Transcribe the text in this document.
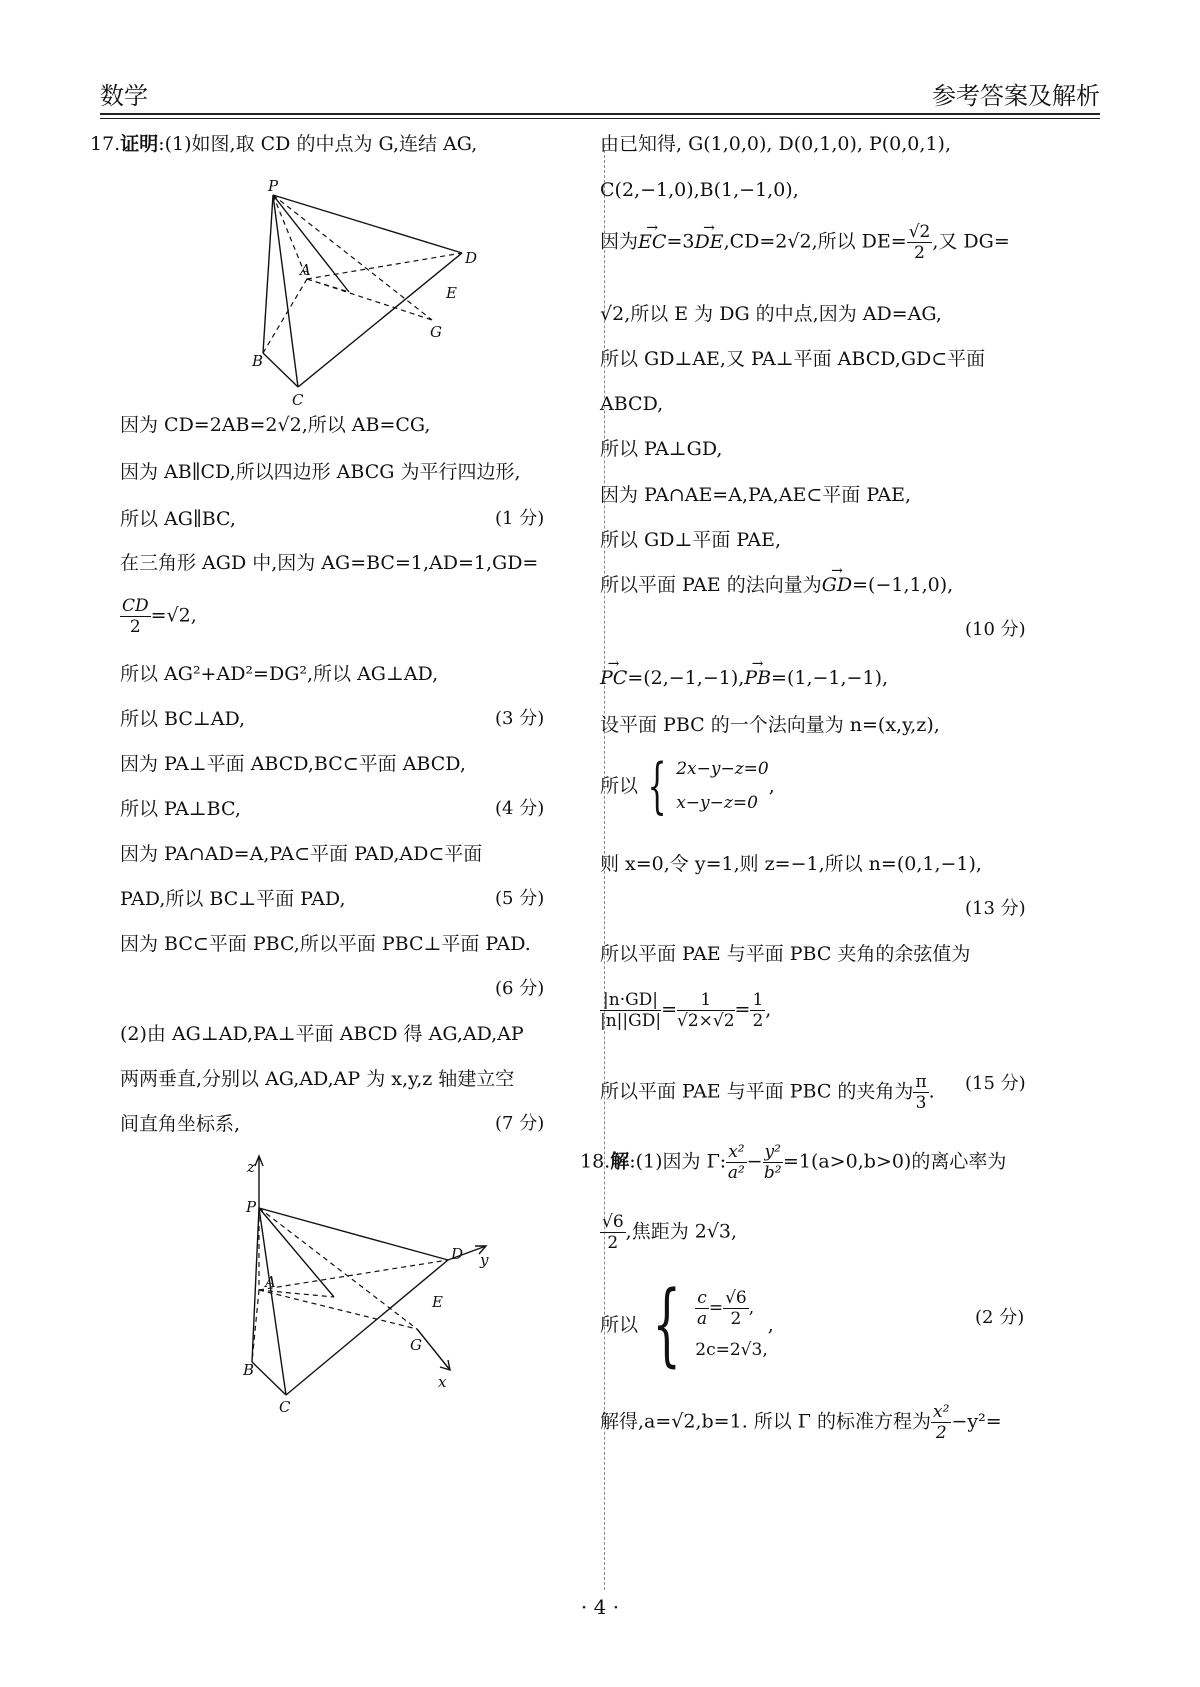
数学	参考答案及解析
17.证明:(1)如图,取 CD 的中点为 G,连结 AG,
P
A
B
C
D
E
G
因为 CD=2AB=2√2,所以 AB=CG,
因为 AB∥CD,所以四边形 ABCG 为平行四边形,
所以 AG∥BC,	(1 分)
在三角形 AGD 中,因为 AG=BC=1,AD=1,GD=
$\frac{CD}{2} =√2$,
所以 AG²+AD²=DG²,所以 AG⊥AD,
所以 BC⊥AD,	(3 分)
因为 PA⊥平面 ABCD,BC⊂平面 ABCD,
所以 PA⊥BC,	(4 分)
因为 PA∩AD=A,PA⊂平面 PAD,AD⊂平面
PAD,所以 BC⊥平面 PAD,	(5 分)
因为 BC⊂平面 PBC,所以平面 PBC⊥平面 PAD.
(6 分)
(2)由 AG⊥AD,PA⊥平面 ABCD 得 AG,AD,AP
两两垂直,分别以 AG,AD,AP 为 x,y,z 轴建立空
间直角坐标系,	(7 分)
z
P
A
B
C
D
E
G
x
y
由已知得, G(1,0,0), D(0,1,0), P(0,0,1),
C(2,−1,0),B(1,−1,0),
因为→ EC=3→ DE,CD=2√2,所以 $DE= \frac{√2}{2}$ ,又 DG=
√2,所以 E 为 DG 的中点,因为 AD=AG,
所以 GD⊥AE,又 PA⊥平面 ABCD,GD⊂平面
ABCD,
所以 PA⊥GD,
因为 PA∩AE=A,PA,AE⊂平面 PAE,
所以 GD⊥平面 PAE,
所以平面 PAE 的法向量为→ GD=(−1,1,0),
(10 分)
→ PC=(2,−1,−1),→ PB=(1,−1,−1),
设平面 PBC 的一个法向量为 n=(x,y,z),
所以 { 2x−y−z=0
x−y−z=0
,
则 x=0,令 y=1,则 z=−1,所以 n=(0,1,−1),
(13 分)
所以平面 PAE 与平面 PBC 夹角的余弦值为
$\frac{|n\cdot GD|}{|n||GD|} = \frac{1}{√2\times√2} = \frac{1}{2}$ ,
所以平面 PAE 与平面 PBC 的夹角为 $\frac{\pi}{3}$ . (15 分)
18.解:(1)因为 Γ: $\frac{\text{x²}}{\text{a²}} - \frac{\text{y²}}{\text{b²}} =1(a>0,b>0)$的离心率为
$\frac{√6}{2}$ ,焦距为 2√3,
所以 { $\frac{c}{a} = \frac{√6}{2}$ ,
2c=2√3,
,	(2 分)
解得,a=√2,b=1. 所以 Γ 的标准方程为 $\frac{\text{x²}}{2} -y^2=$
· 4 ·
